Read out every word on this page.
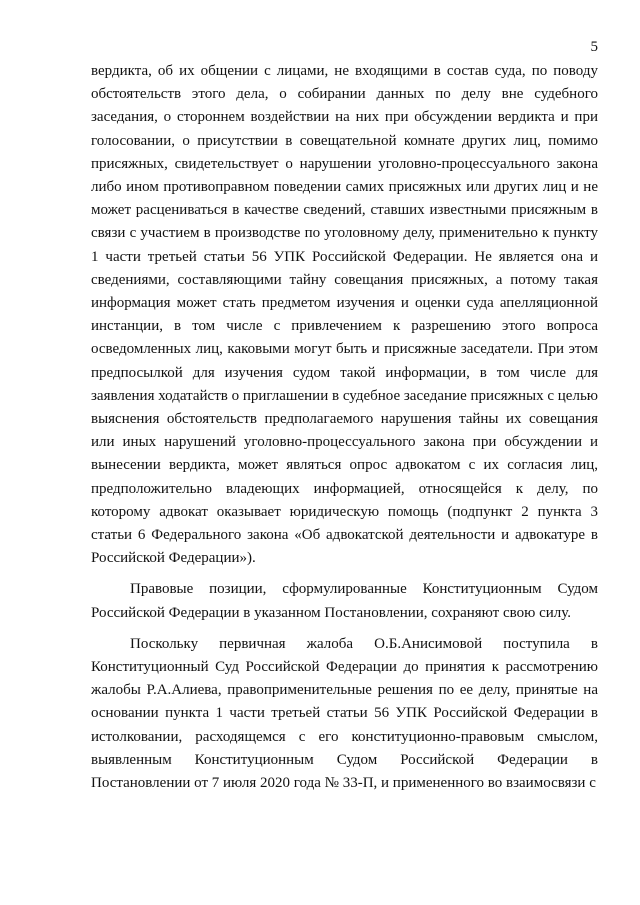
5

вердикта, об их общении с лицами, не входящими в состав суда, по поводу обстоятельств этого дела, о собирании данных по делу вне судебного заседания, о стороннем воздействии на них при обсуждении вердикта и при голосовании, о присутствии в совещательной комнате других лиц, помимо присяжных, свидетельствует о нарушении уголовно-процессуального закона либо ином противоправном поведении самих присяжных или других лиц и не может расцениваться в качестве сведений, ставших известными присяжным в связи с участием в производстве по уголовному делу, применительно к пункту 1 части третьей статьи 56 УПК Российской Федерации. Не является она и сведениями, составляющими тайну совещания присяжных, а потому такая информация может стать предметом изучения и оценки суда апелляционной инстанции, в том числе с привлечением к разрешению этого вопроса осведомленных лиц, каковыми могут быть и присяжные заседатели. При этом предпосылкой для изучения судом такой информации, в том числе для заявления ходатайств о приглашении в судебное заседание присяжных с целью выяснения обстоятельств предполагаемого нарушения тайны их совещания или иных нарушений уголовно-процессуального закона при обсуждении и вынесении вердикта, может являться опрос адвокатом с их согласия лиц, предположительно владеющих информацией, относящейся к делу, по которому адвокат оказывает юридическую помощь (подпункт 2 пункта 3 статьи 6 Федерального закона «Об адвокатской деятельности и адвокатуре в Российской Федерации»).

Правовые позиции, сформулированные Конституционным Судом Российской Федерации в указанном Постановлении, сохраняют свою силу.

Поскольку первичная жалоба О.Б.Анисимовой поступила в Конституционный Суд Российской Федерации до принятия к рассмотрению жалобы Р.А.Алиева, правоприменительные решения по ее делу, принятые на основании пункта 1 части третьей статьи 56 УПК Российской Федерации в истолковании, расходящемся с его конституционно-правовым смыслом, выявленным Конституционным Судом Российской Федерации в Постановлении от 7 июля 2020 года № 33-П, и примененного во взаимосвязи с
